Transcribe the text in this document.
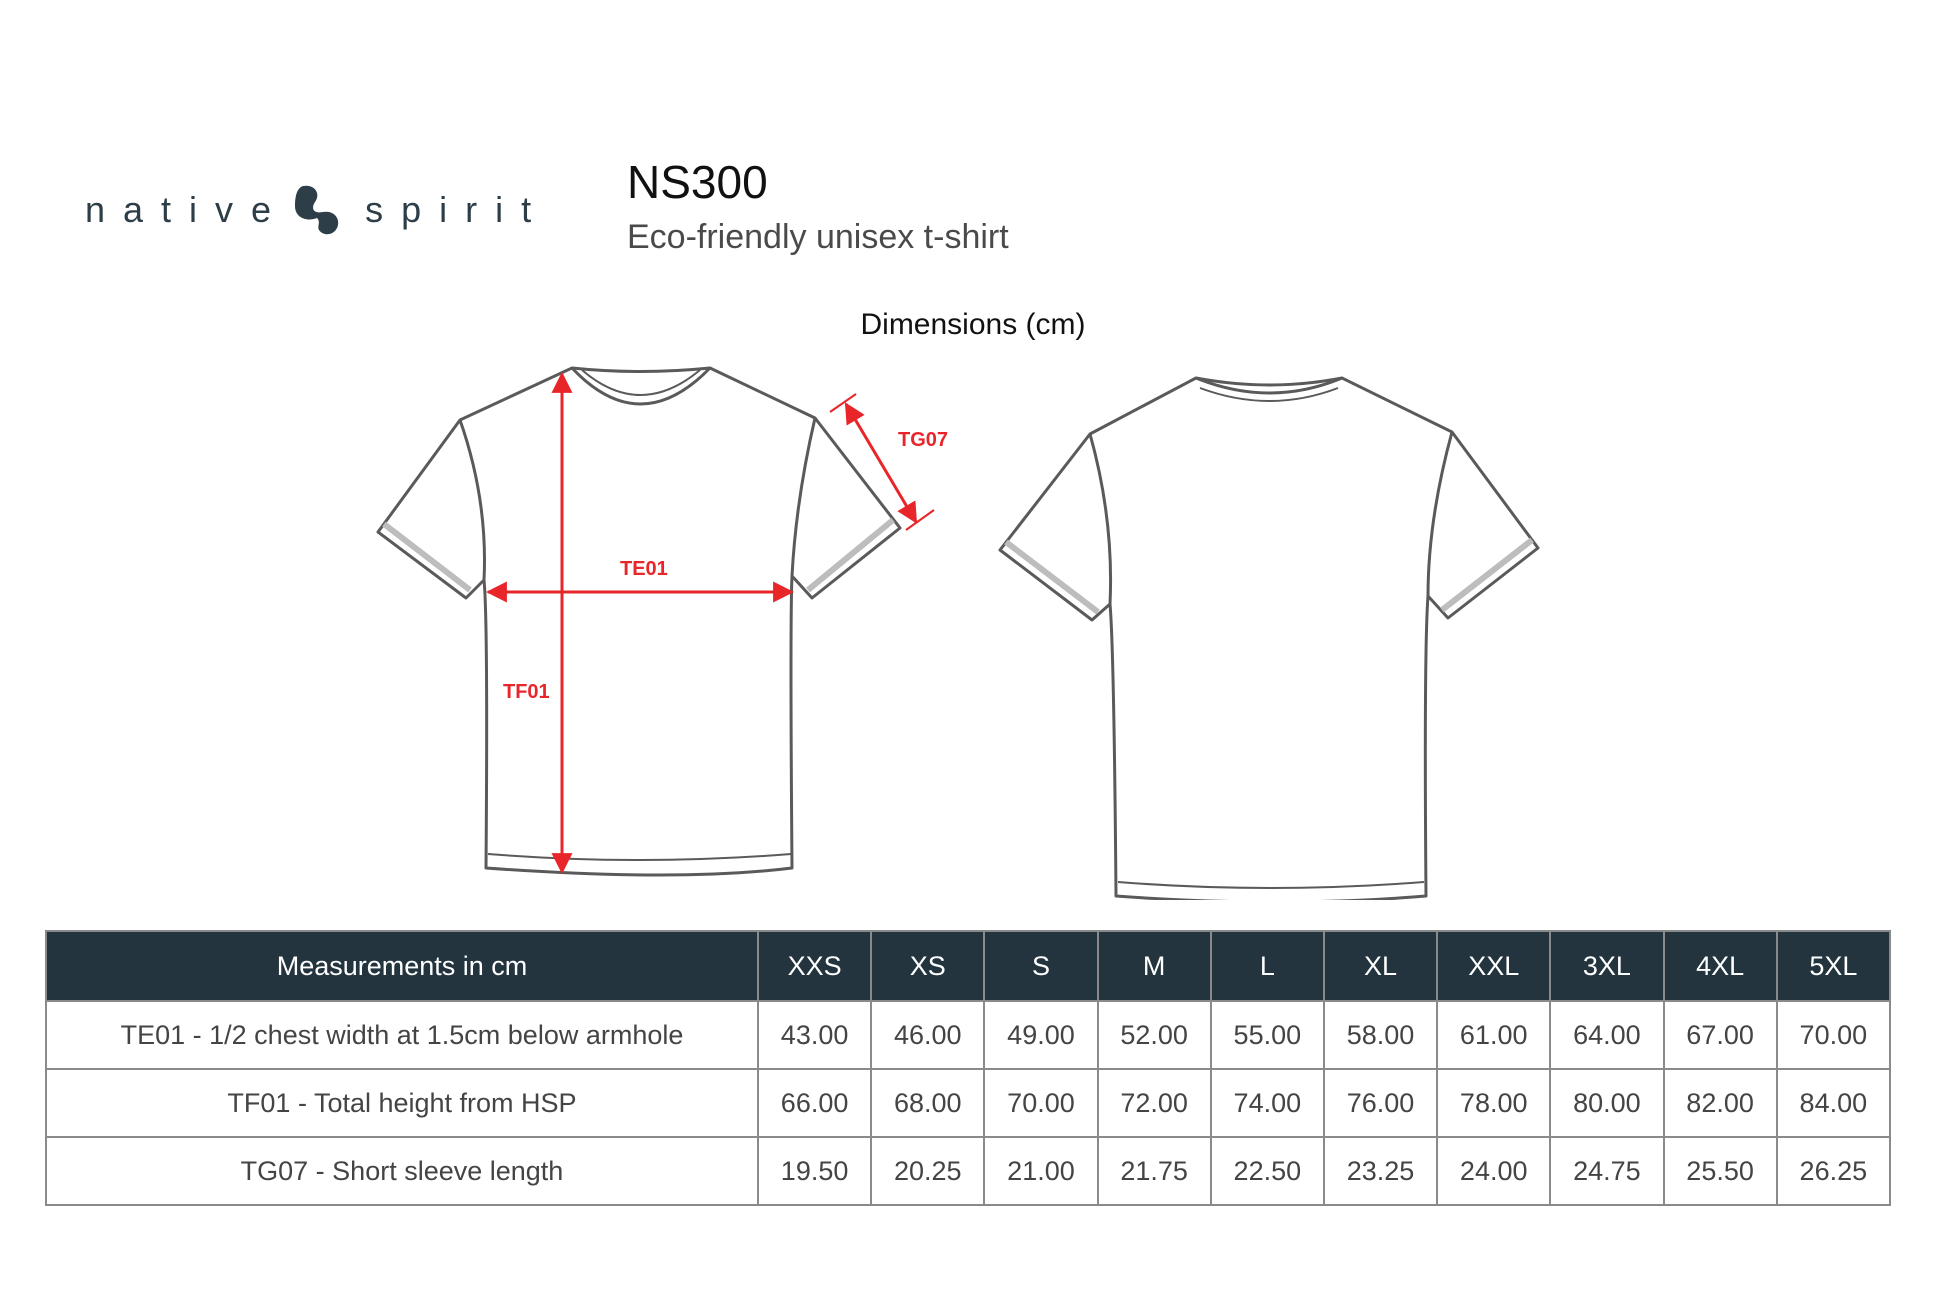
native spirit
NS300
Eco-friendly unisex t-shirt
Dimensions (cm)
TE01
TF01
TG07
Measurements in cm	XXS	XS	S	M	L	XL	XXL	3XL	4XL	5XL
TE01 - 1/2 chest width at 1.5cm below armhole	43.00	46.00	49.00	52.00	55.00	58.00	61.00	64.00	67.00	70.00
TF01 - Total height from HSP	66.00	68.00	70.00	72.00	74.00	76.00	78.00	80.00	82.00	84.00
TG07 - Short sleeve length	19.50	20.25	21.00	21.75	22.50	23.25	24.00	24.75	25.50	26.25
